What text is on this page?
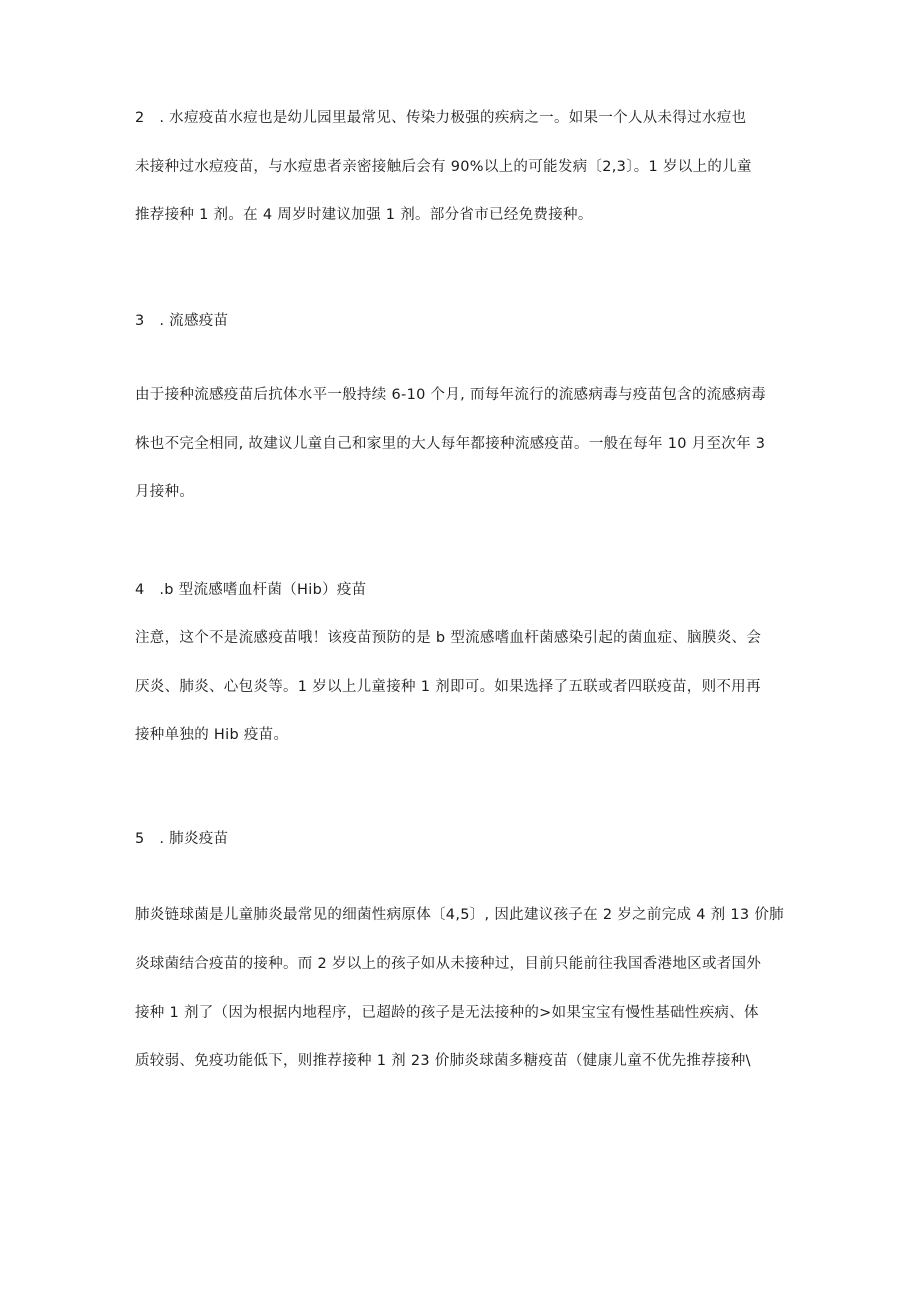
2　. 水痘疫苗水痘也是幼儿园里最常见、传染力极强的疾病之一。如果一个人从未得过水痘也
未接种过水痘疫苗，与水痘患者亲密接触后会有 90%以上的可能发病〔2,3〕。1 岁以上的儿童
推荐接种 1 剂。在 4 周岁时建议加强 1 剂。部分省市已经免费接种。
3　. 流感疫苗
由于接种流感疫苗后抗体水平一般持续 6-10 个月, 而每年流行的流感病毒与疫苗包含的流感病毒
株也不完全相同, 故建议儿童自己和家里的大人每年都接种流感疫苗。一般在每年 10 月至次年 3
月接种。
4　.b 型流感嗜血杆菌（Hib）疫苗
注意，这个不是流感疫苗哦！该疫苗预防的是 b 型流感嗜血杆菌感染引起的菌血症、脑膜炎、会
厌炎、肺炎、心包炎等。1 岁以上儿童接种 1 剂即可。如果选择了五联或者四联疫苗，则不用再
接种单独的 Hib 疫苗。
5　. 肺炎疫苗
肺炎链球菌是儿童肺炎最常见的细菌性病原体〔4,5〕, 因此建议孩子在 2 岁之前完成 4 剂 13 价肺
炎球菌结合疫苗的接种。而 2 岁以上的孩子如从未接种过，目前只能前往我国香港地区或者国外
接种 1 剂了（因为根据内地程序，已超龄的孩子是无法接种的>如果宝宝有慢性基础性疾病、体
质较弱、免疫功能低下，则推荐接种 1 剂 23 价肺炎球菌多糖疫苗（健康儿童不优先推荐接种\
